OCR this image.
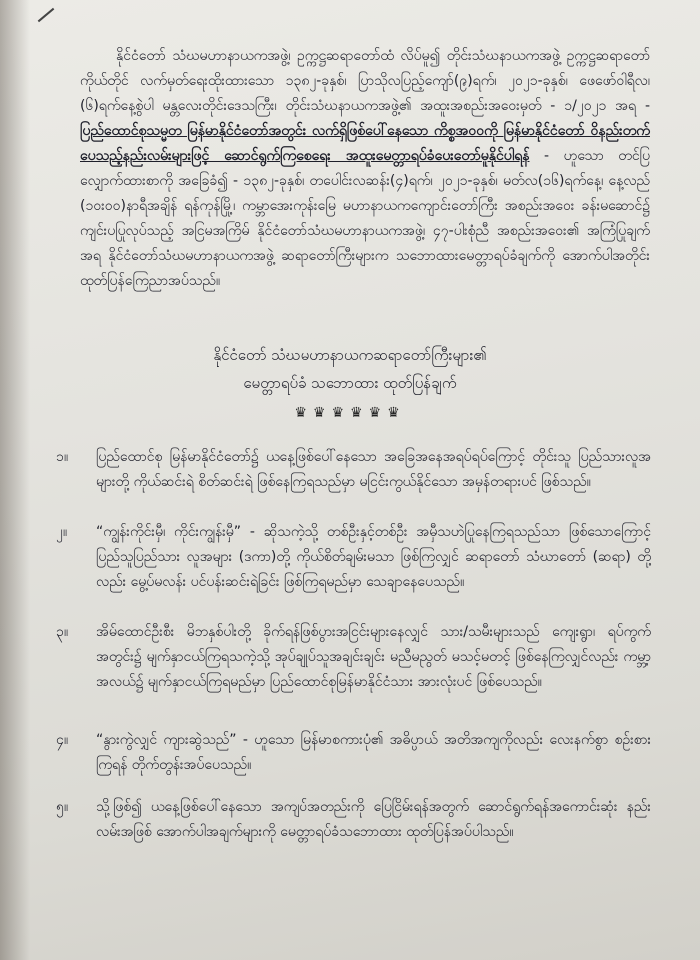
နိုင်ငံတော် သံဃမဟာနာယကအဖွဲ့၊ ဥက္ကဋ္ဌဆရာတော်ထံ လိပ်မူ၍ တိုင်းသံဃနာယကအဖွဲ့ ဥက္ကဋ္ဌဆရာတော်ကိုယ်တိုင် လက်မှတ်ရေးထိုးထားသော ၁၃၈၂-ခုနှစ်၊ ပြာသိုလပြည့်ကျော်(၉)ရက်၊ ၂၀၂၁-ခုနှစ်၊ ဖေဖော်ဝါရီလ၊ (၆)ရက်နေ့စွဲပါ မန္တလေးတိုင်းဒေသကြီး၊ တိုင်းသံဃနာယကအဖွဲ့၏ အထူးအစည်းအဝေးမှတ် - ၁/၂၀၂၁ အရ - ပြည်ထောင်စုသမ္မတ မြန်မာနိုင်ငံတော်အတွင်း လက်ရှိဖြစ်ပေါ်နေသော ကိစ္စအဝဝကို မြန်မာနိုင်ငံတော် ဝိနည်းတက်ပေသည့်နည်းလမ်းများဖြင့် ဆောင်ရွက်ကြစေရေး အထူးမေတ္တာရပ်ခံပေးတော်မူနိုင်ပါရန် - ဟူသော တင်ပြလျှောက်ထားစာကို အခြေခံ၍ - ၁၃၈၂-ခုနှစ်၊ တပေါင်းလဆန်း(၄)ရက်၊ ၂၀၂၁-ခုနှစ်၊ မတ်လ(၁၆)ရက်နေ့၊ နေ့လည် (၁၀း၀၀)နာရီအချိန် ရန်ကုန်မြို့၊ ကမ္ဘာအေးကုန်းမြေ မဟာနာယကကျောင်းတော်ကြီး အစည်းအဝေး ခန်းမဆောင်၌ ကျင်းပပြုလုပ်သည့် အငြမအကြိမ် နိုင်ငံတော်သံဃမဟာနာယကအဖွဲ့၊ ၄၇-ပါးစုံညီ အစည်းအဝေး၏ အကြံပြုချက်အရ နိုင်ငံတော်သံဃမဟာနာယကအဖွဲ့ ဆရာတော်ကြီးများက သဘောထားမေတ္တာရပ်ခံချက်ကို အောက်ပါအတိုင်း ထုတ်ပြန်ကြေညာအပ်သည်။
နိုင်ငံတော် သံဃမဟာနာယကဆရာတော်ကြီးများ၏
မေတ္တာရပ်ခံ သဘောထား ထုတ်ပြန်ချက်
♛♛♛♛♛♛
၁။	ပြည်ထောင်စု မြန်မာနိုင်ငံတော်၌ ယနေ့ဖြစ်ပေါ်နေသော အခြေအနေအရပ်ရပ်ကြောင့် တိုင်းသူ ပြည်သားလူအများတို့ ကိုယ်ဆင်းရဲ စိတ်ဆင်းရဲ ဖြစ်နေကြရသည်မှာ မငြင်းကွယ်နိုင်သော အမှန်တရားပင် ဖြစ်သည်။
၂။	“ကျွန်းကိုင်းမှီ၊ ကိုင်းကျွန်းမှီ” - ဆိုသကဲ့သို့ တစ်ဦးနှင့်တစ်ဦး အမှီသဟဲပြုနေကြရသည်သာ ဖြစ်သောကြောင့် ပြည်သူပြည်သား လူအများ (ဒကာ)တို့ ကိုယ်စိတ်ချမ်းမသာ ဖြစ်ကြလျှင် ဆရာတော် သံဃာတော် (ဆရာ) တို့လည်း မွေ့ပ်မလန်း ပင်ပန်းဆင်းရဲခြင်း ဖြစ်ကြရမည်မှာ သေချာနေပေသည်။
၃။	အိမ်ထောင်ဦးစီး မိဘနှစ်ပါးတို့ ခိုက်ရန်ဖြစ်ပွားအငြင်းများနေလျှင် သား/သမီးများသည် ကျေးရွာ၊ ရပ်ကွက်အတွင်း၌ မျက်နှာငယ်ကြရသကဲ့သို့ အုပ်ချုပ်သူအချင်းချင်း မညီမညွတ် မသင့်မတင့် ဖြစ်နေကြလျှင်လည်း ကမ္ဘာ့အလယ်၌ မျက်နှာငယ်ကြရမည်မှာ ပြည်ထောင်စုမြန်မာနိုင်ငံသား အားလုံးပင် ဖြစ်ပေသည်။
၄။	“နွားကွဲလျှင် ကျားဆွဲသည်” - ဟူသော မြန်မာစကားပုံ၏ အဓိပ္ပာယ် အတိအကျကိုလည်း လေးနက်စွာ စဉ်းစားကြရန် တိုက်တွန်းအပ်ပေသည်။
၅။	သို့ဖြစ်၍ ယနေ့ဖြစ်ပေါ်နေသော အကျပ်အတည်းကို ပြေငြိမ်းရန်အတွက် ဆောင်ရွက်ရန်အကောင်းဆုံး နည်းလမ်းအဖြစ် အောက်ပါအချက်များကို မေတ္တာရပ်ခံသဘောထား ထုတ်ပြန်အပ်ပါသည်။
